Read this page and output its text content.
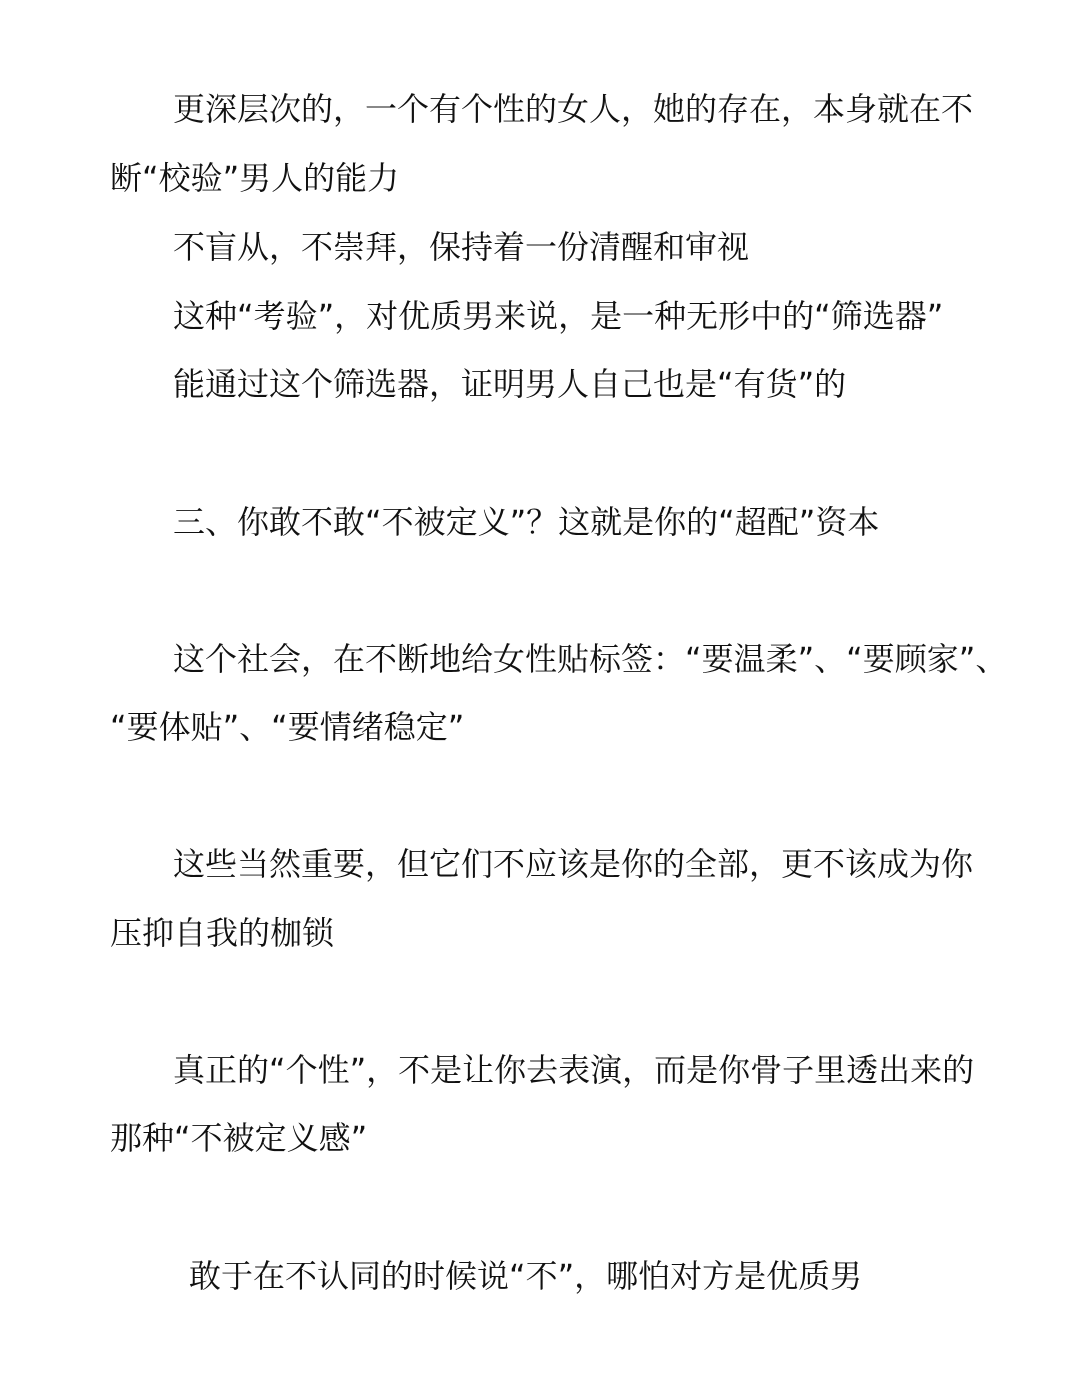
更深层次的，一个有个性的女人，她的存在，本身就在不
断“校验”男人的能力
不盲从，不崇拜，保持着一份清醒和审视
这种“考验”，对优质男来说，是一种无形中的“筛选器”
能通过这个筛选器，证明男人自己也是“有货”的
三、你敢不敢“不被定义”？这就是你的“超配”资本
这个社会，在不断地给女性贴标签：“要温柔”、“要顾家”、
“要体贴”、“要情绪稳定”
这些当然重要，但它们不应该是你的全部，更不该成为你
压抑自我的枷锁
真正的“个性”，不是让你去表演，而是你骨子里透出来的
那种“不被定义感”
敢于在不认同的时候说“不”，哪怕对方是优质男
